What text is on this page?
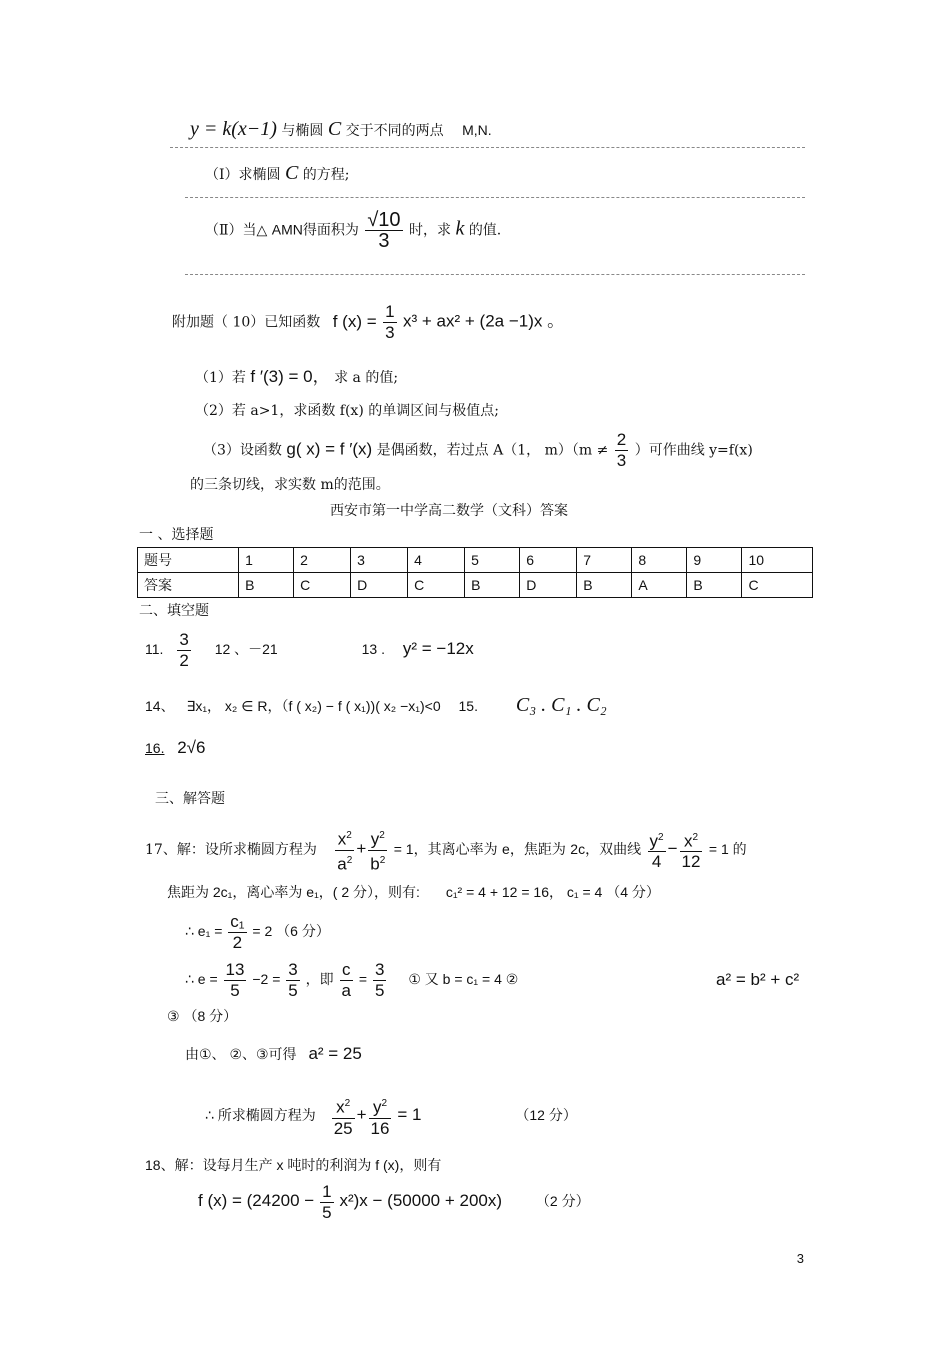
y = k(x−1) 与椭圆 C 交于不同的两点 M,N.
（Ⅰ）求椭圆 C 的方程;
（Ⅱ）当△ AMN得面积为 $\frac{√10}{3}$ 时，求 k 的值.
附加题（ 10）已知函数 f $(x) = \frac{1}{3} x^3 + ax^2 + (2a -1)x$ 。
（1）若 f ′(3) = 0， 求 a 的值;
（2）若 a>1，求函数 f(x) 的单调区间与极值点;
（3）设函数 g( x) = f ′(x) 是偶函数，若过点 A（1， $m)(m \ne \frac{2}{3}$ ）可作曲线 y=f(x)
的三条切线，求实数 m的范围。
西安市第一中学高二数学（文科）答案
一 、选择题
题号	1	2	3	4	5	6	7	8	9	10
答案	B	C	D	C	B	D	B	A	B	C
二、填空题
11. $\frac{3}{2} 12$ 、－21	13 . y² = −12x
14、 ∃x₁， x₂ ∈ R，（f ( x₂) − f ( x₁))( x₂ −x₁)<0 15. C₃ . C₁ . C₂
16. 2√6
三、解答题
17、解：设所求椭圆方程为 $\frac{x^2}{a^2} + \frac{y^2}{b^2} = 1$，其离心率为 e，焦距为 2c，双曲线 $\frac{y^2}{4} - \frac{x^2}{12} = 1$ 的
焦距为 2c₁，离心率为 e₁，( 2 分），则有: c₁² = 4 + 12 = 16， c₁ = 4 （4 分）
∴ $e_1 = \frac{\text{c₁}}{2} = 2$ （6 分）
∴ $e = \frac{13}{5} -2 = \frac{3}{5}$ ，即 $\frac{c}{a} = \frac{3}{5}$ ① 又 b = c₁ = 4 ②	a² = b² + c²
③ （8 分）
由①、 ②、③可得 a² = 25
∴ 所求椭圆方程为 $\frac{x^2}{25} + \frac{y^2}{16} = 1$	（12 分）
18、解：设每月生产 x 吨时的利润为 f (x)，则有
f $(x) = (24200 - \frac{1}{5} x^2)x - (50000 + 200x)$ （2 分）
3
